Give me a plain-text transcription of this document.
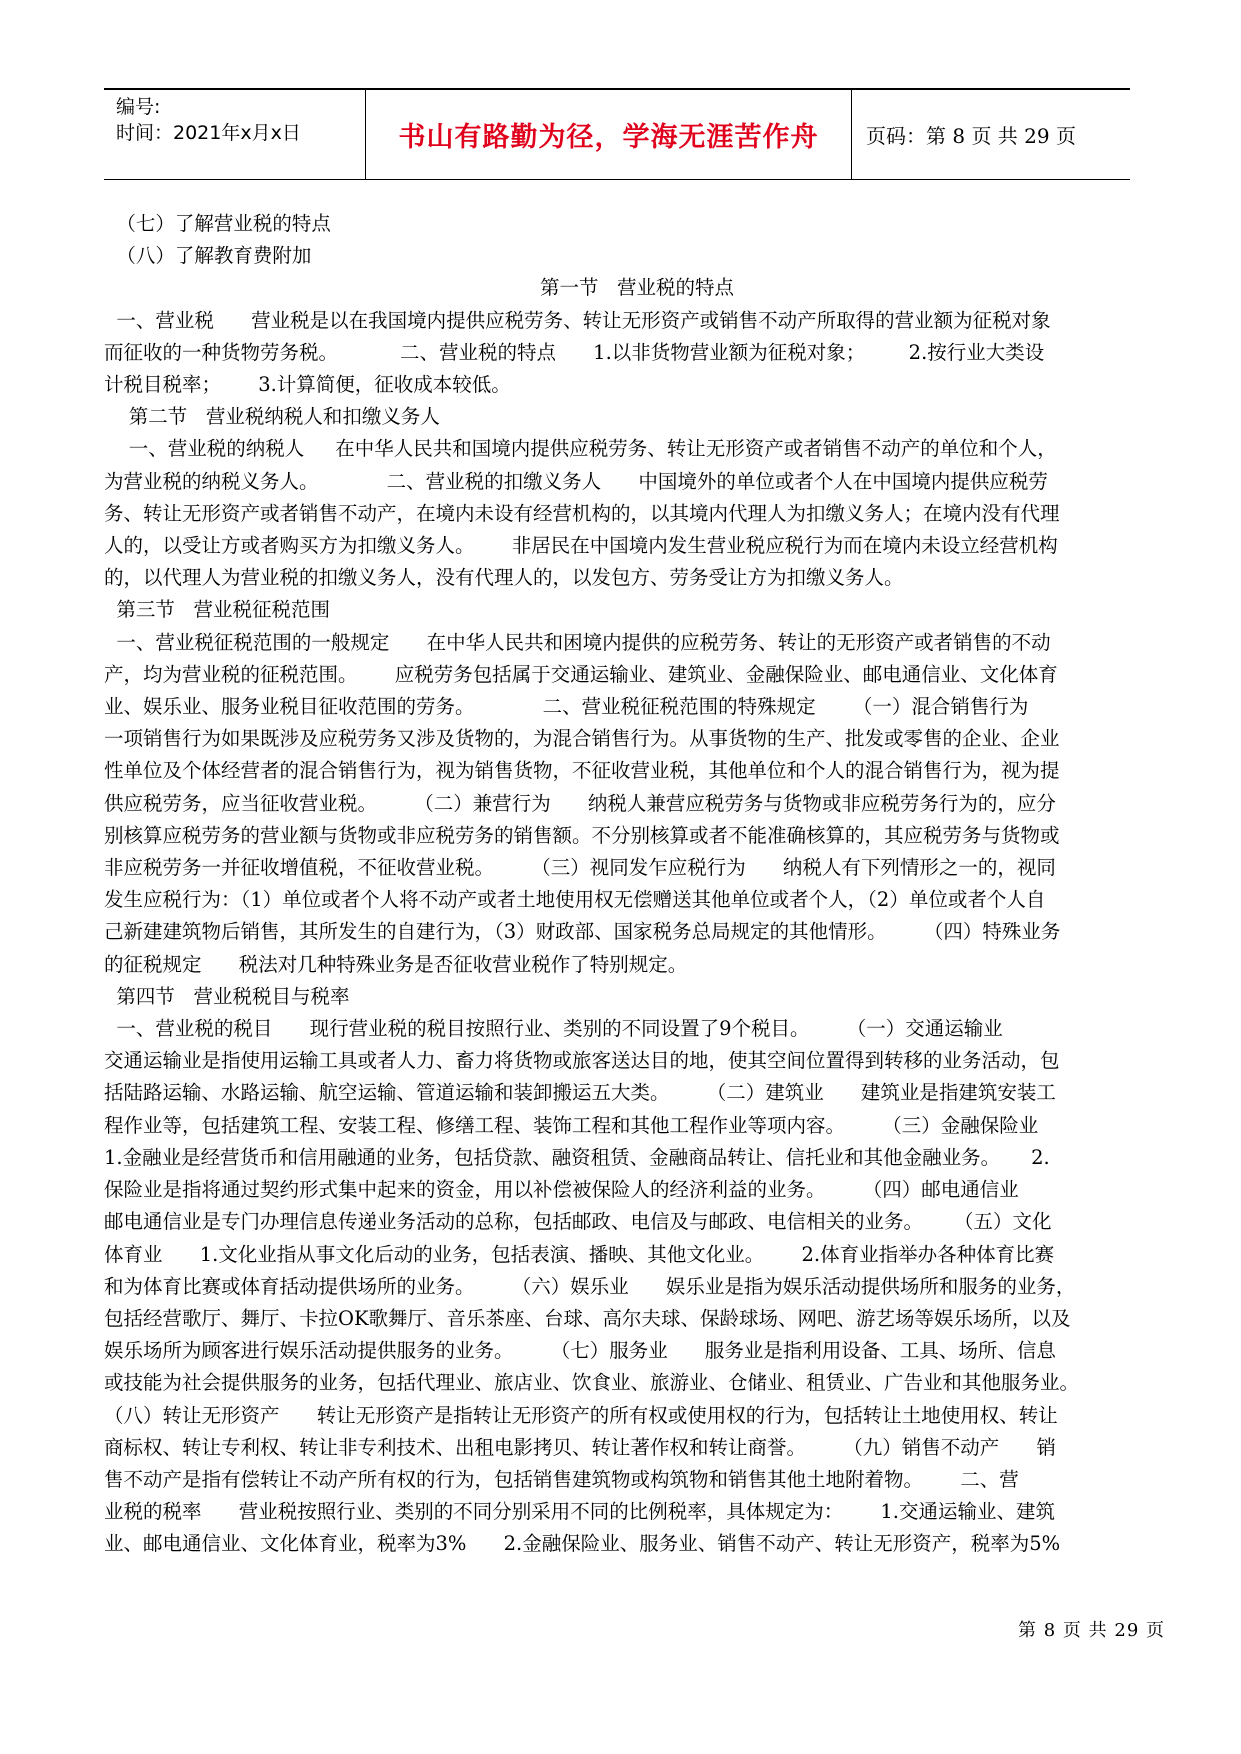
编号:
时间：2021年x月x日	书山有路勤为径，学海无涯苦作舟 页码：第 8 页 共 29 页

（七）了解营业税的特点

（八）了解教育费附加

第一节   营业税的特点

一、营业税      营业税是以在我国境内提供应税劳务、转让无形资产或销售不动产所取得的营业额为征税对象

而征收的一种货物劳务税。          二、营业税的特点      1.以非货物营业额为征税对象；       2.按行业大类设

计税目税率；      3.计算简便，征收成本较低。

第二节   营业税纳税人和扣缴义务人

一、营业税的纳税人     在中华人民共和国境内提供应税劳务、转让无形资产或者销售不动产的单位和个人，

为营业税的纳税义务人。           二、营业税的扣缴义务人      中国境外的单位或者个人在中国境内提供应税劳

务、转让无形资产或者销售不动产，在境内未设有经营机构的，以其境内代理人为扣缴义务人；在境内没有代理

人的，以受让方或者购买方为扣缴义务人。      非居民在中国境内发生营业税应税行为而在境内未设立经营机构

的，以代理人为营业税的扣缴义务人，没有代理人的，以发包方、劳务受让方为扣缴义务人。

第三节   营业税征税范围

一、营业税征税范围的一般规定      在中华人民共和困境内提供的应税劳务、转让的无形资产或者销售的不动

产，均为营业税的征税范围。      应税劳务包括属于交通运输业、建筑业、金融保险业、邮电通信业、文化体育

业、娱乐业、服务业税目征收范围的劳务。           二、营业税征税范围的特殊规定      （一）混合销售行为

一项销售行为如果既涉及应税劳务又涉及货物的，为混合销售行为。从事货物的生产、批发或零售的企业、企业

性单位及个体经营者的混合销售行为，视为销售货物，不征收营业税，其他单位和个人的混合销售行为，视为提

供应税劳务，应当征收营业税。      （二）兼营行为      纳税人兼营应税劳务与货物或非应税劳务行为的，应分

别核算应税劳务的营业额与货物或非应税劳务的销售额。不分别核算或者不能准确核算的，其应税劳务与货物或

非应税劳务一并征收增值税，不征收营业税。      （三）视同发乍应税行为      纳税人有下列情形之一的，视同

发生应税行为：（1）单位或者个人将不动产或者土地使用权无偿赠送其他单位或者个人，（2）单位或者个人自

己新建建筑物后销售，其所发生的自建行为，（3）财政部、国家税务总局规定的其他情形。      （四）特殊业务

的征税规定      税法对几种特殊业务是否征收营业税作了特别规定。

第四节   营业税税目与税率

一、营业税的税目      现行营业税的税目按照行业、类别的不同设置了9个税目。      （一）交通运输业

交通运输业是指使用运输工具或者人力、畜力将货物或旅客送达目的地，使其空间位置得到转移的业务活动，包

括陆路运输、水路运输、航空运输、管道运输和装卸搬运五大类。      （二）建筑业      建筑业是指建筑安装工

程作业等，包括建筑工程、安装工程、修缮工程、装饰工程和其他工程作业等项内容。      （三）金融保险业

1.金融业是经营货币和信用融通的业务，包括贷款、融资租赁、金融商品转让、信托业和其他金融业务。     2.

保险业是指将通过契约形式集中起来的资金，用以补偿被保险人的经济利益的业务。      （四）邮电通信业

邮电通信业是专门办理信息传递业务活动的总称，包括邮政、电信及与邮政、电信相关的业务。     （五）文化

体育业      1.文化业指从事文化后动的业务，包括表演、播映、其他文化业。      2.体育业指举办各种体育比赛

和为体育比赛或体育括动提供场所的业务。      （六）娱乐业      娱乐业是指为娱乐活动提供场所和服务的业务，

包括经营歌厅、舞厅、卡拉OK歌舞厅、音乐茶座、台球、高尔夫球、保龄球场、网吧、游艺场等娱乐场所，以及

娱乐场所为顾客进行娱乐活动提供服务的业务。      （七）服务业      服务业是指利用设备、工具、场所、信息

或技能为社会提供服务的业务，包括代理业、旅店业、饮食业、旅游业、仓储业、租赁业、广告业和其他服务业。

（八）转让无形资产      转让无形资产是指转让无形资产的所有权或使用权的行为，包括转让土地使用权、转让

商标权、转让专利权、转让非专利技术、出租电影拷贝、转让著作权和转让商誉。      （九）销售不动产      销

售不动产是指有偿转让不动产所有权的行为，包括销售建筑物或构筑物和销售其他土地附着物。      二、营

业税的税率      营业税按照行业、类别的不同分别采用不同的比例税率，具体规定为：      1.交通运输业、建筑

业、邮电通信业、文化体育业，税率为3%      2.金融保险业、服务业、销售不动产、转让无形资产，税率为5%

第 8 页 共 29 页
